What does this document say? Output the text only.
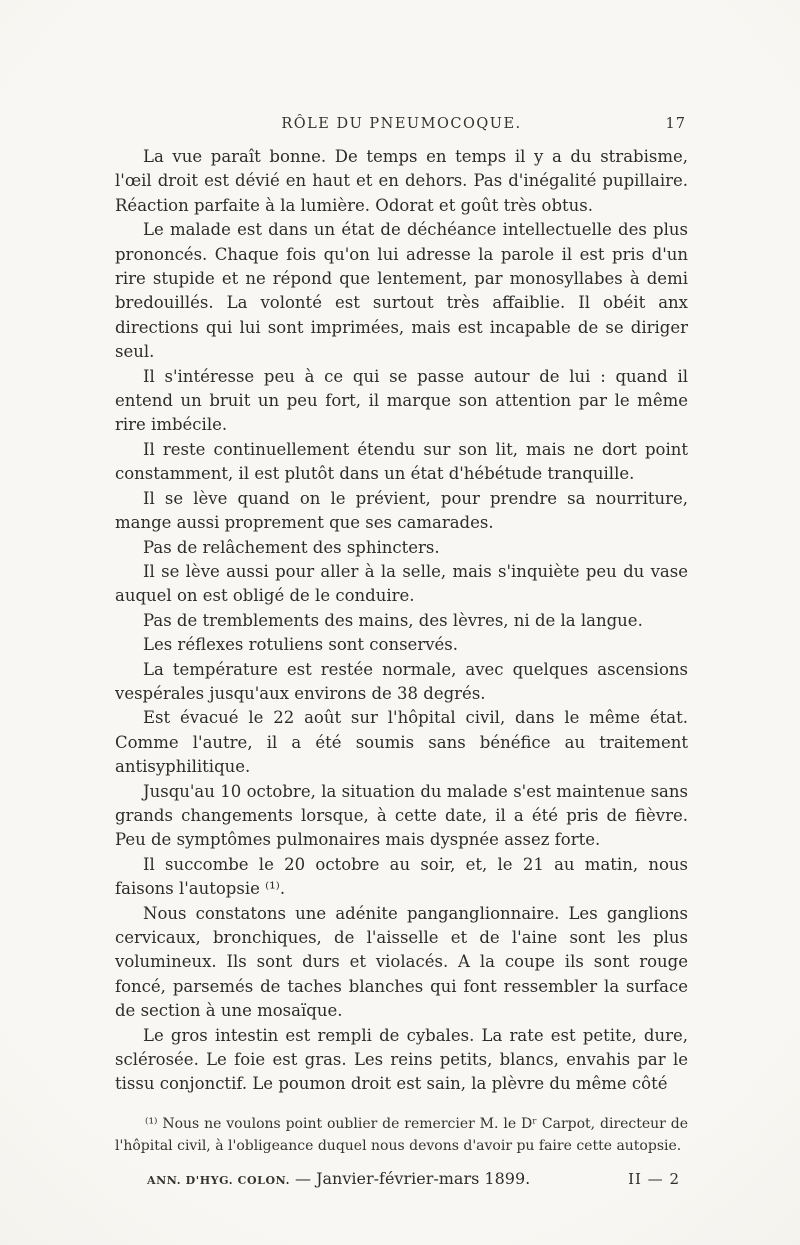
RÔLE DU PNEUMOCOQUE.	17

La vue paraît bonne. De temps en temps il y a du strabisme, l'œil droit est dévié en haut et en dehors. Pas d'inégalité pupillaire. Réaction parfaite à la lumière. Odorat et goût très obtus.

Le malade est dans un état de déchéance intellectuelle des plus prononcés. Chaque fois qu'on lui adresse la parole il est pris d'un rire stupide et ne répond que lentement, par monosyllabes à demi bredouillés. La volonté est surtout très affaiblie. Il obéit anx directions qui lui sont imprimées, mais est incapable de se diriger seul.

Il s'intéresse peu à ce qui se passe autour de lui : quand il entend un bruit un peu fort, il marque son attention par le même rire imbécile.

Il reste continuellement étendu sur son lit, mais ne dort point constamment, il est plutôt dans un état d'hébétude tranquille.

Il se lève quand on le prévient, pour prendre sa nourriture, mange aussi proprement que ses camarades.

Pas de relâchement des sphincters.

Il se lève aussi pour aller à la selle, mais s'inquiète peu du vase auquel on est obligé de le conduire.

Pas de tremblements des mains, des lèvres, ni de la langue.

Les réflexes rotuliens sont conservés.

La température est restée normale, avec quelques ascensions vespérales jusqu'aux environs de 38 degrés.

Est évacué le 22 août sur l'hôpital civil, dans le même état. Comme l'autre, il a été soumis sans bénéfice au traitement antisyphilitique.

Jusqu'au 10 octobre, la situation du malade s'est maintenue sans grands changements lorsque, à cette date, il a été pris de fièvre. Peu de symptômes pulmonaires mais dyspnée assez forte.

Il succombe le 20 octobre au soir, et, le 21 au matin, nous faisons l'autopsie ⁽¹⁾.

Nous constatons une adénite panganglionnaire. Les ganglions cervicaux, bronchiques, de l'aisselle et de l'aine sont les plus volumineux. Ils sont durs et violacés. A la coupe ils sont rouge foncé, parsemés de taches blanches qui font ressembler la surface de section à une mosaïque.

Le gros intestin est rempli de cybales. La rate est petite, dure, sclérosée. Le foie est gras. Les reins petits, blancs, envahis par le tissu conjonctif. Le poumon droit est sain, la plèvre du même côté

⁽¹⁾ Nous ne voulons point oublier de remercier M. le Dʳ Carpot, directeur de l'hôpital civil, à l'obligeance duquel nous devons d'avoir pu faire cette autopsie.

ANN. D'HYG. COLON. — Janvier-février-mars 1899.	II — 2
